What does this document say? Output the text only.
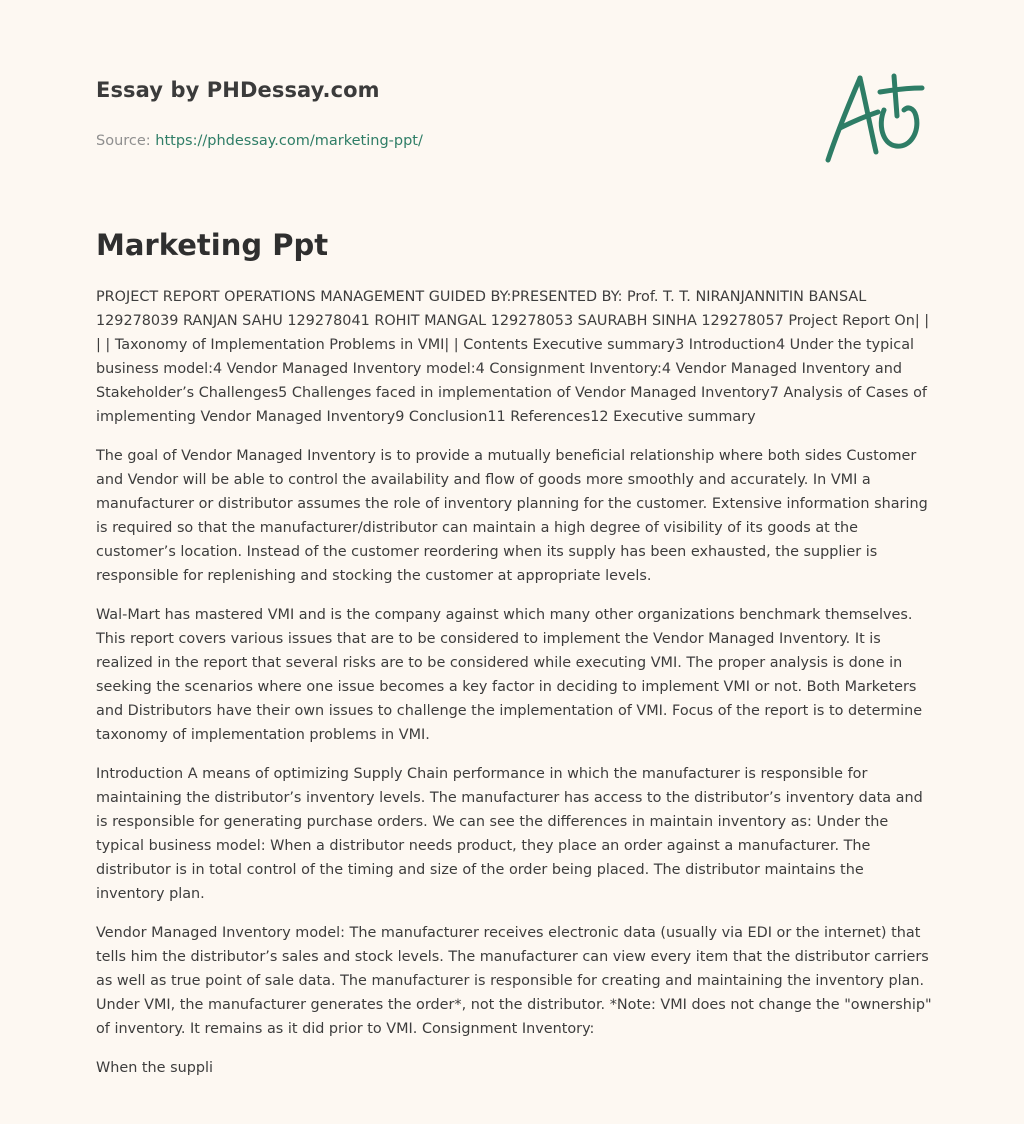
Essay by PHDessay.com
Source: https://phdessay.com/marketing-ppt/
Marketing Ppt

PROJECT REPORT OPERATIONS MANAGEMENT GUIDED BY:PRESENTED BY: Prof. T. T. NIRANJANNITIN BANSAL 129278039 RANJAN SAHU 129278041 ROHIT MANGAL 129278053 SAURABH SINHA 129278057 Project Report On| | | | Taxonomy of Implementation Problems in VMI| | Contents Executive summary3 Introduction4 Under the typical business model:4 Vendor Managed Inventory model:4 Consignment Inventory:4 Vendor Managed Inventory and Stakeholder’s Challenges5 Challenges faced in implementation of Vendor Managed Inventory7 Analysis of Cases of implementing Vendor Managed Inventory9 Conclusion11 References12 Executive summary

The goal of Vendor Managed Inventory is to provide a mutually beneficial relationship where both sides Customer and Vendor will be able to control the availability and flow of goods more smoothly and accurately. In VMI a manufacturer or distributor assumes the role of inventory planning for the customer. Extensive information sharing is required so that the manufacturer/distributor can maintain a high degree of visibility of its goods at the customer’s location. Instead of the customer reordering when its supply has been exhausted, the supplier is responsible for replenishing and stocking the customer at appropriate levels.

Wal-Mart has mastered VMI and is the company against which many other organizations benchmark themselves. This report covers various issues that are to be considered to implement the Vendor Managed Inventory. It is realized in the report that several risks are to be considered while executing VMI. The proper analysis is done in seeking the scenarios where one issue becomes a key factor in deciding to implement VMI or not. Both Marketers and Distributors have their own issues to challenge the implementation of VMI. Focus of the report is to determine taxonomy of implementation problems in VMI.

Introduction A means of optimizing Supply Chain performance in which the manufacturer is responsible for maintaining the distributor’s inventory levels. The manufacturer has access to the distributor’s inventory data and is responsible for generating purchase orders. We can see the differences in maintain inventory as: Under the typical business model: When a distributor needs product, they place an order against a manufacturer. The distributor is in total control of the timing and size of the order being placed. The distributor maintains the inventory plan.

Vendor Managed Inventory model: The manufacturer receives electronic data (usually via EDI or the internet) that tells him the distributor’s sales and stock levels. The manufacturer can view every item that the distributor carriers as well as true point of sale data. The manufacturer is responsible for creating and maintaining the inventory plan. Under VMI, the manufacturer generates the order*, not the distributor. *Note: VMI does not change the "ownership" of inventory. It remains as it did prior to VMI. Consignment Inventory:

When the suppli
